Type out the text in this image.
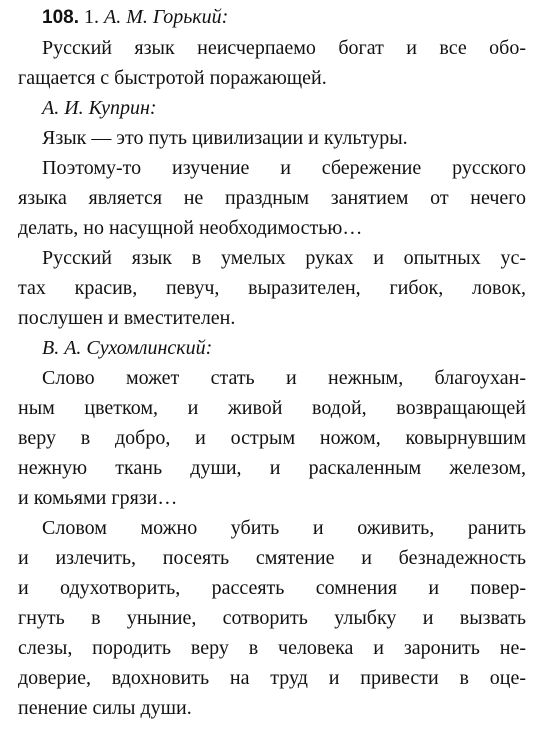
108. 1. А. М. Горький:
Русский язык неисчерпаемо богат и все обо-
гащается с быстротой поражающей.
А. И. Куприн:
Язык — это путь цивилизации и культуры.
Поэтому-то изучение и сбережение русского
языка является не праздным занятием от нечего
делать, но насущной необходимостью…
Русский язык в умелых руках и опытных ус-
тах красив, певуч, выразителен, гибок, ловок,
послушен и вместителен.
В. А. Сухомлинский:
Слово может стать и нежным, благоухан-
ным цветком, и живой водой, возвращающей
веру в добро, и острым ножом, ковырнувшим
нежную ткань души, и раскаленным железом,
и комьями грязи…
Словом можно убить и оживить, ранить
и излечить, посеять смятение и безнадежность
и одухотворить, рассеять сомнения и повер-
гнуть в уныние, сотворить улыбку и вызвать
слезы, породить веру в человека и заронить не-
доверие, вдохновить на труд и привести в оце-
пенение силы души.
